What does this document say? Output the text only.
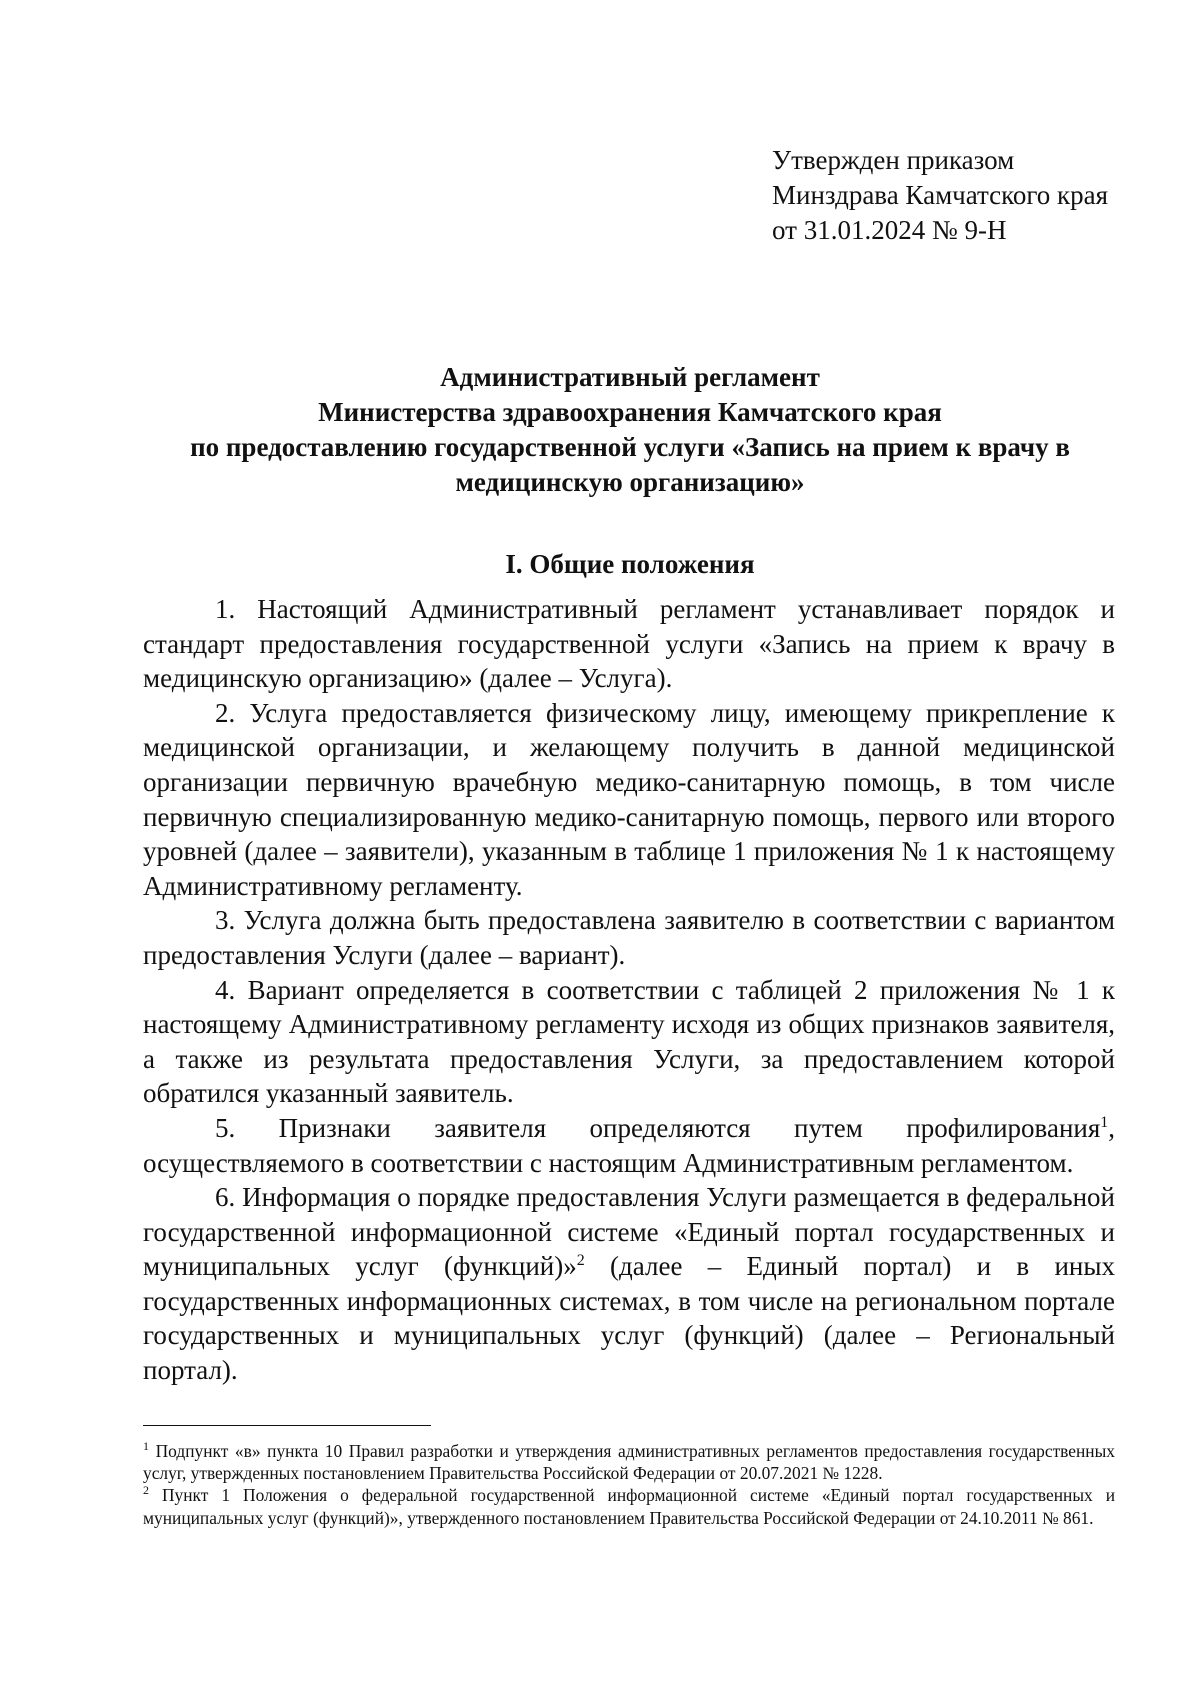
Утвержден приказом
Минздрава Камчатского края
от 31.01.2024 № 9-Н
Административный регламент
Министерства здравоохранения Камчатского края
по предоставлению государственной услуги «Запись на прием к врачу в
медицинскую организацию»
I. Общие положения

1. Настоящий Административный регламент устанавливает порядок и стандарт предоставления государственной услуги «Запись на прием к врачу в медицинскую организацию» (далее – Услуга).

2. Услуга предоставляется физическому лицу, имеющему прикрепление к медицинской организации, и желающему получить в данной медицинской организации первичную врачебную медико-санитарную помощь, в том числе первичную специализированную медико-санитарную помощь, первого или второго уровней (далее – заявители), указанным в таблице 1 приложения № 1 к настоящему Административному регламенту.

3. Услуга должна быть предоставлена заявителю в соответствии с вариантом предоставления Услуги (далее – вариант).

4. Вариант определяется в соответствии с таблицей 2 приложения № 1 к настоящему Административному регламенту исходя из общих признаков заявителя, а также из результата предоставления Услуги, за предоставлением которой обратился указанный заявитель.

5. Признаки заявителя определяются путем профилирования$^1$, осуществляемого в соответствии с настоящим Административным регламентом.

6. Информация о порядке предоставления Услуги размещается в федеральной государственной информационной системе «Единый портал государственных и муниципальных услуг (функций)»$^2$ (далее – Единый портал) и в иных государственных информационных системах, в том числе на региональном портале государственных и муниципальных услуг (функций) (далее – Региональный портал).

$^1$ Подпункт «в» пункта 10 Правил разработки и утверждения административных регламентов предоставления государственных услуг, утвержденных постановлением Правительства Российской Федерации от 20.07.2021 № 1228.

$^2$ Пункт 1 Положения о федеральной государственной информационной системе «Единый портал государственных и муниципальных услуг (функций)», утвержденного постановлением Правительства Российской Федерации от 24.10.2011 № 861.
